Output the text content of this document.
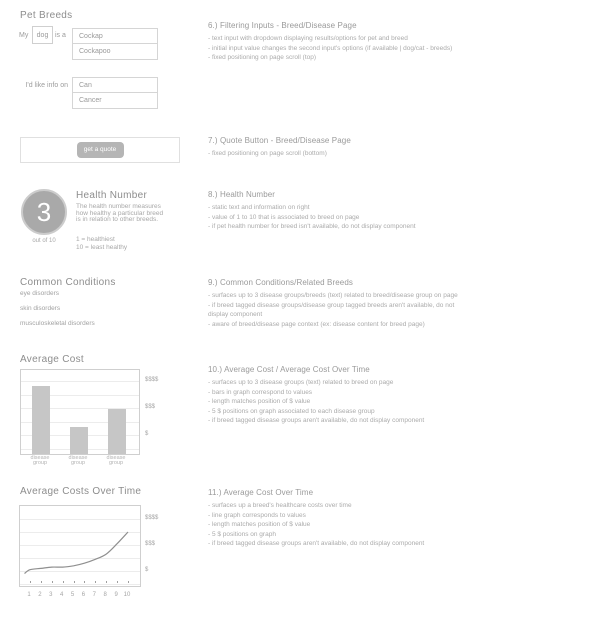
Pet Breeds
My	dog is a	Cockap
Cockapoo
I'd like info on	Can
Cancer
get a quote
3
out of 10
Health Number
The health number measures
how healthy a particular breed
is in relation to other breeds.
1 = healthiest
10 = least healthy
Common Conditions
eye disorders
skin disorders
musculoskeletal disorders
Average Cost
$$$$
$$$
$
disease group
disease group
disease group
Average Costs Over Time
$$$$
$$$
$
1	2	3	4	5	6	7	8	9 10
6.) Filtering Inputs - Breed/Disease Page
- text input with dropdown displaying results/options for pet and breed
- initial input value changes the second input's options (if available | dog/cat - breeds)
- fixed positioning on page scroll (top)
7.) Quote Button - Breed/Disease Page
- fixed positioning on page scroll (bottom)
8.) Health Number
- static text and information on right
- value of 1 to 10 that is associated to breed on page
- if pet health number for breed isn't available, do not display component
9.) Common Conditions/Related Breeds
- surfaces up to 3 disease groups/breeds (text) related to breed/disease group on page
- if breed tagged disease groups/disease group tagged breeds aren't available, do not display component
- aware of breed/disease page context (ex: disease content for breed page)
10.) Average Cost / Average Cost Over Time
- surfaces up to 3 disease groups (text) related to breed on page
- bars in graph correspond to values
- length matches position of $ value
- 5 $ positions on graph associated to each disease group
- if breed tagged disease groups aren't available, do not display component
11.) Average Cost Over Time
- surfaces up a breed's healthcare costs over time
- line graph corresponds to values
- length matches position of $ value
- 5 $ positions on graph
- if breed tagged disease groups aren't available, do not display component
